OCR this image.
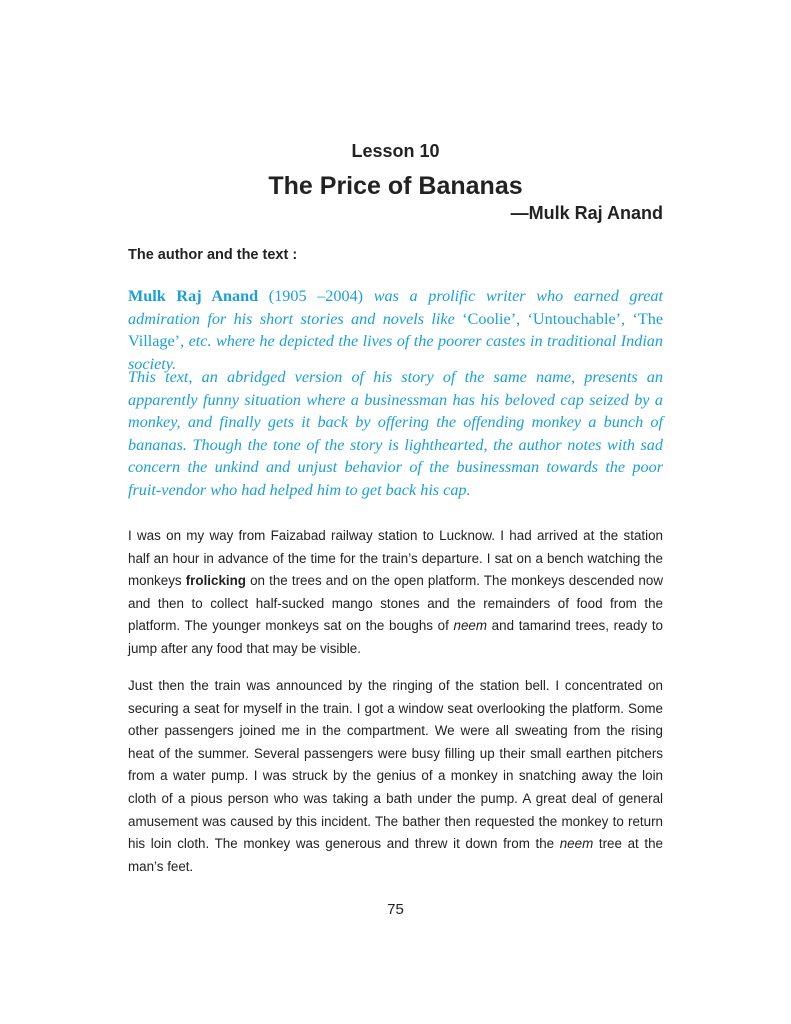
Lesson 10
The Price of Bananas
—Mulk Raj Anand
The author and the text :

Mulk Raj Anand (1905 –2004) was a prolific writer who earned great admiration for his short stories and novels like ‘Coolie’, ‘Untouchable’, ‘The Village’, etc. where he depicted the lives of the poorer castes in traditional Indian society.

This text, an abridged version of his story of the same name, presents an apparently funny situation where a businessman has his beloved cap seized by a monkey, and finally gets it back by offering the offending monkey a bunch of bananas. Though the tone of the story is lighthearted, the author notes with sad concern the unkind and unjust behavior of the businessman towards the poor fruit-vendor who had helped him to get back his cap.

I was on my way from Faizabad railway station to Lucknow. I had arrived at the station half an hour in advance of the time for the train’s departure. I sat on a bench watching the monkeys frolicking on the trees and on the open platform. The monkeys descended now and then to collect half-sucked mango stones and the remainders of food from the platform. The younger monkeys sat on the boughs of neem and tamarind trees, ready to jump after any food that may be visible.

Just then the train was announced by the ringing of the station bell. I concentrated on securing a seat for myself in the train. I got a window seat overlooking the platform. Some other passengers joined me in the compartment. We were all sweating from the rising heat of the summer. Several passengers were busy filling up their small earthen pitchers from a water pump. I was struck by the genius of a monkey in snatching away the loin cloth of a pious person who was taking a bath under the pump. A great deal of general amusement was caused by this incident. The bather then requested the monkey to return his loin cloth. The monkey was generous and threw it down from the neem tree at the man’s feet.

75
